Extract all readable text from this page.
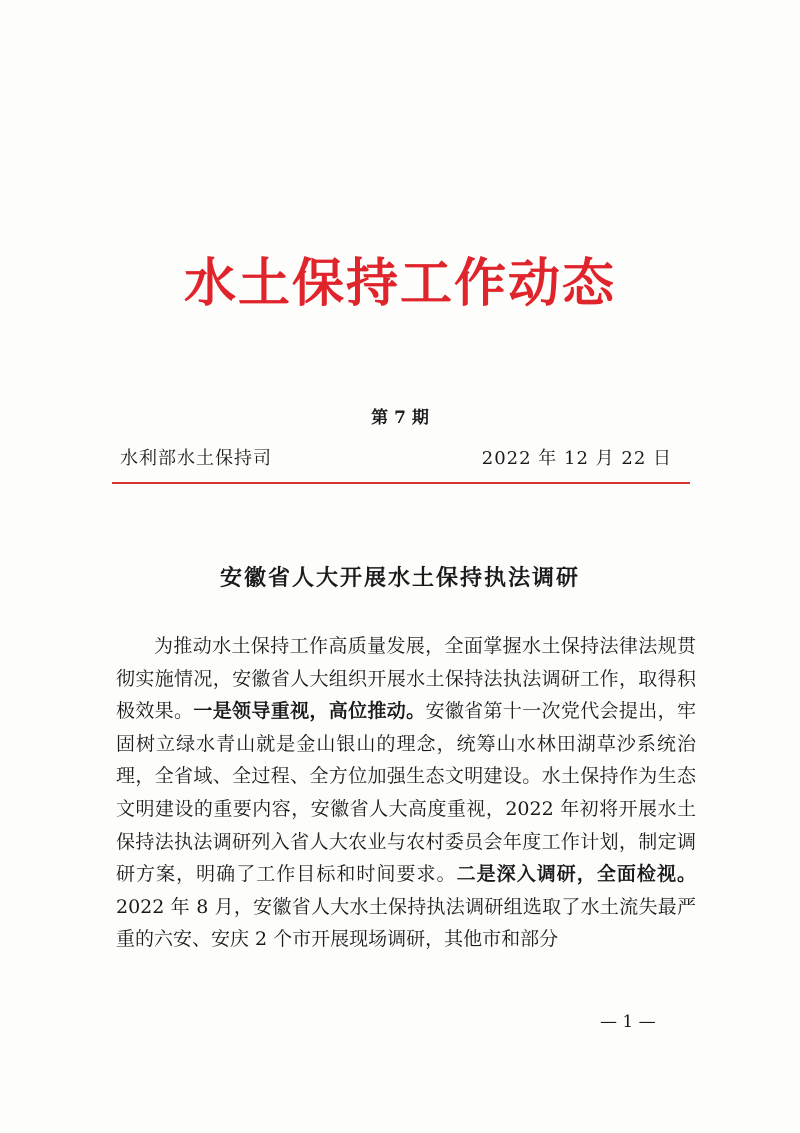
水土保持工作动态
第 7 期
水利部水土保持司	2022 年 12 月 22 日
安徽省人大开展水土保持执法调研

为推动水土保持工作高质量发展，全面掌握水土保持法律法规贯彻实施情况，安徽省人大组织开展水土保持法执法调研工作，取得积极效果。一是领导重视，高位推动。安徽省第十一次党代会提出，牢固树立绿水青山就是金山银山的理念，统筹山水林田湖草沙系统治理，全省域、全过程、全方位加强生态文明建设。水土保持作为生态文明建设的重要内容，安徽省人大高度重视，2022 年初将开展水土保持法执法调研列入省人大农业与农村委员会年度工作计划，制定调研方案，明确了工作目标和时间要求。二是深入调研，全面检视。2022 年 8 月，安徽省人大水土保持执法调研组选取了水土流失最严重的六安、安庆 2 个市开展现场调研，其他市和部分

— 1 —
